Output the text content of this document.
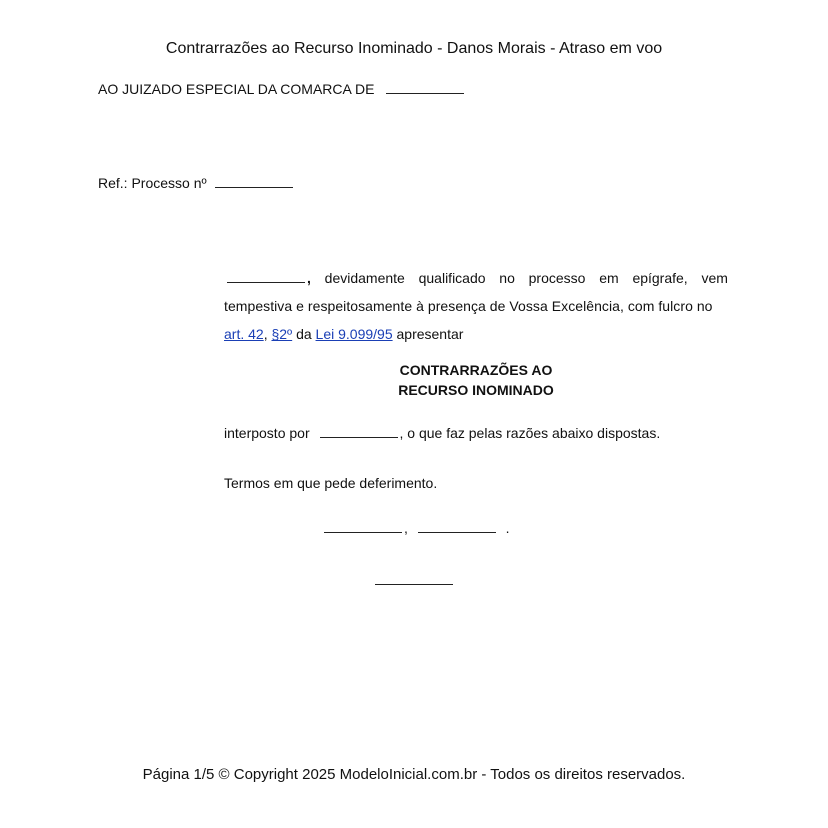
Contrarrazões ao Recurso Inominado - Danos Morais - Atraso em voo
AO JUIZADO ESPECIAL DA COMARCA DE
Ref.: Processo nº
, devidamente qualificado no processo em epígrafe, vem
tempestiva e respeitosamente à presença de Vossa Excelência, com fulcro no
art. 42, §2º da Lei 9.099/95 apresentar
CONTRARRAZÕES AO
RECURSO INOMINADO
interposto por	, o que faz pelas razões abaixo dispostas.
Termos em que pede deferimento.
,	.
Página 1/5 © Copyright 2025 ModeloInicial.com.br - Todos os direitos reservados.
